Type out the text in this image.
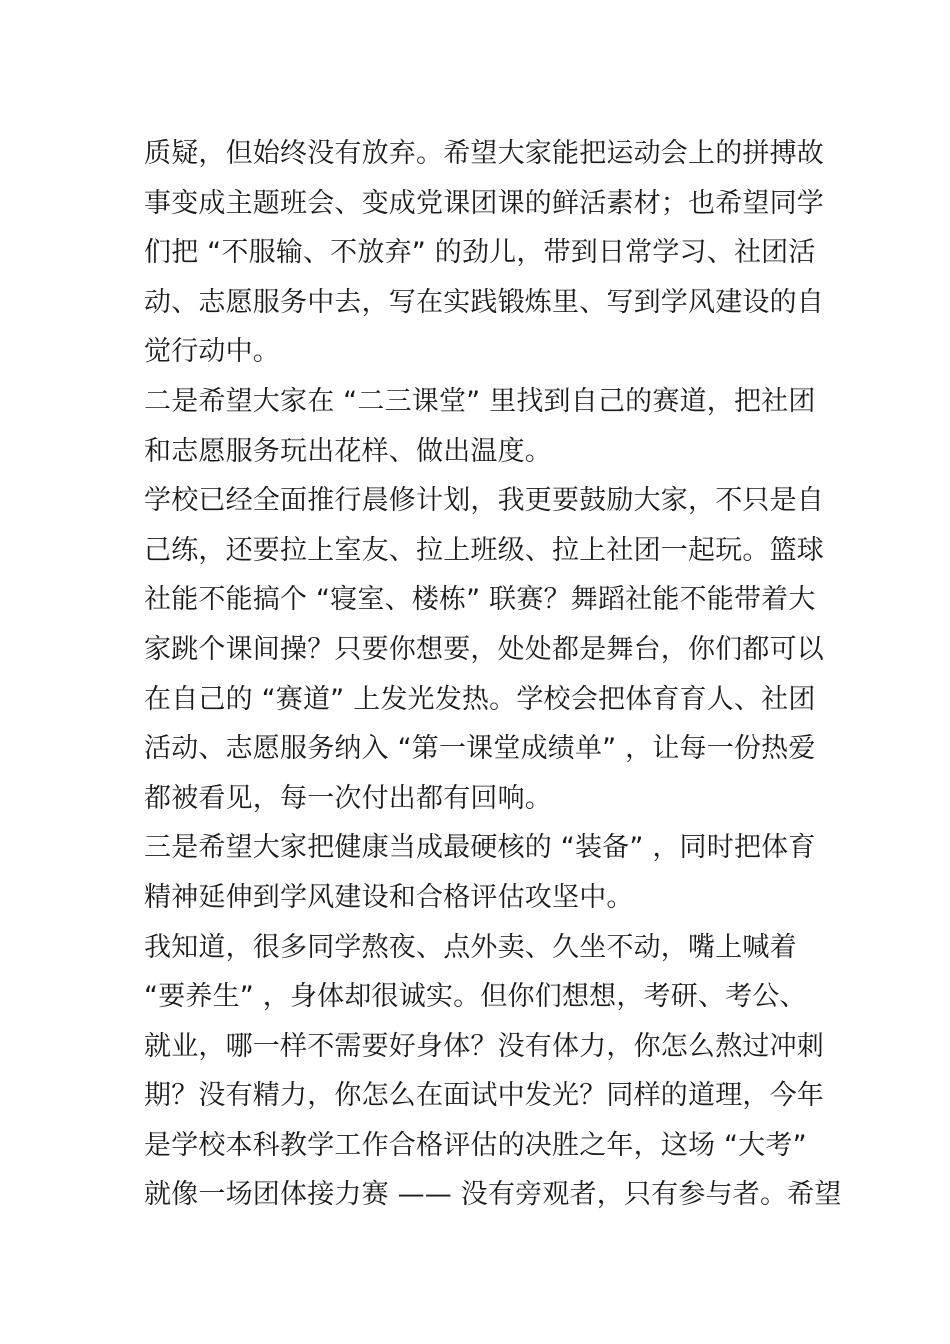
质疑，但始终没有放弃。希望大家能把运动会上的拼搏故
事变成主题班会、变成党课团课的鲜活素材；也希望同学
们把 “不服输、不放弃” 的劲儿，带到日常学习、社团活
动、志愿服务中去，写在实践锻炼里、写到学风建设的自
觉行动中。
二是希望大家在 “二三课堂” 里找到自己的赛道，把社团
和志愿服务玩出花样、做出温度。
学校已经全面推行晨修计划，我更要鼓励大家，不只是自
己练，还要拉上室友、拉上班级、拉上社团一起玩。篮球
社能不能搞个 “寝室、楼栋” 联赛？舞蹈社能不能带着大
家跳个课间操？只要你想要，处处都是舞台，你们都可以
在自己的 “赛道” 上发光发热。学校会把体育育人、社团
活动、志愿服务纳入 “第一课堂成绩单” ，让每一份热爱
都被看见，每一次付出都有回响。
三是希望大家把健康当成最硬核的 “装备” ，同时把体育
精神延伸到学风建设和合格评估攻坚中。
我知道，很多同学熬夜、点外卖、久坐不动，嘴上喊着
“要养生” ，身体却很诚实。但你们想想，考研、考公、
就业，哪一样不需要好身体？没有体力，你怎么熬过冲刺
期？没有精力，你怎么在面试中发光？同样的道理，今年
是学校本科教学工作合格评估的决胜之年，这场 “大考”
就像一场团体接力赛 —— 没有旁观者，只有参与者。希望
